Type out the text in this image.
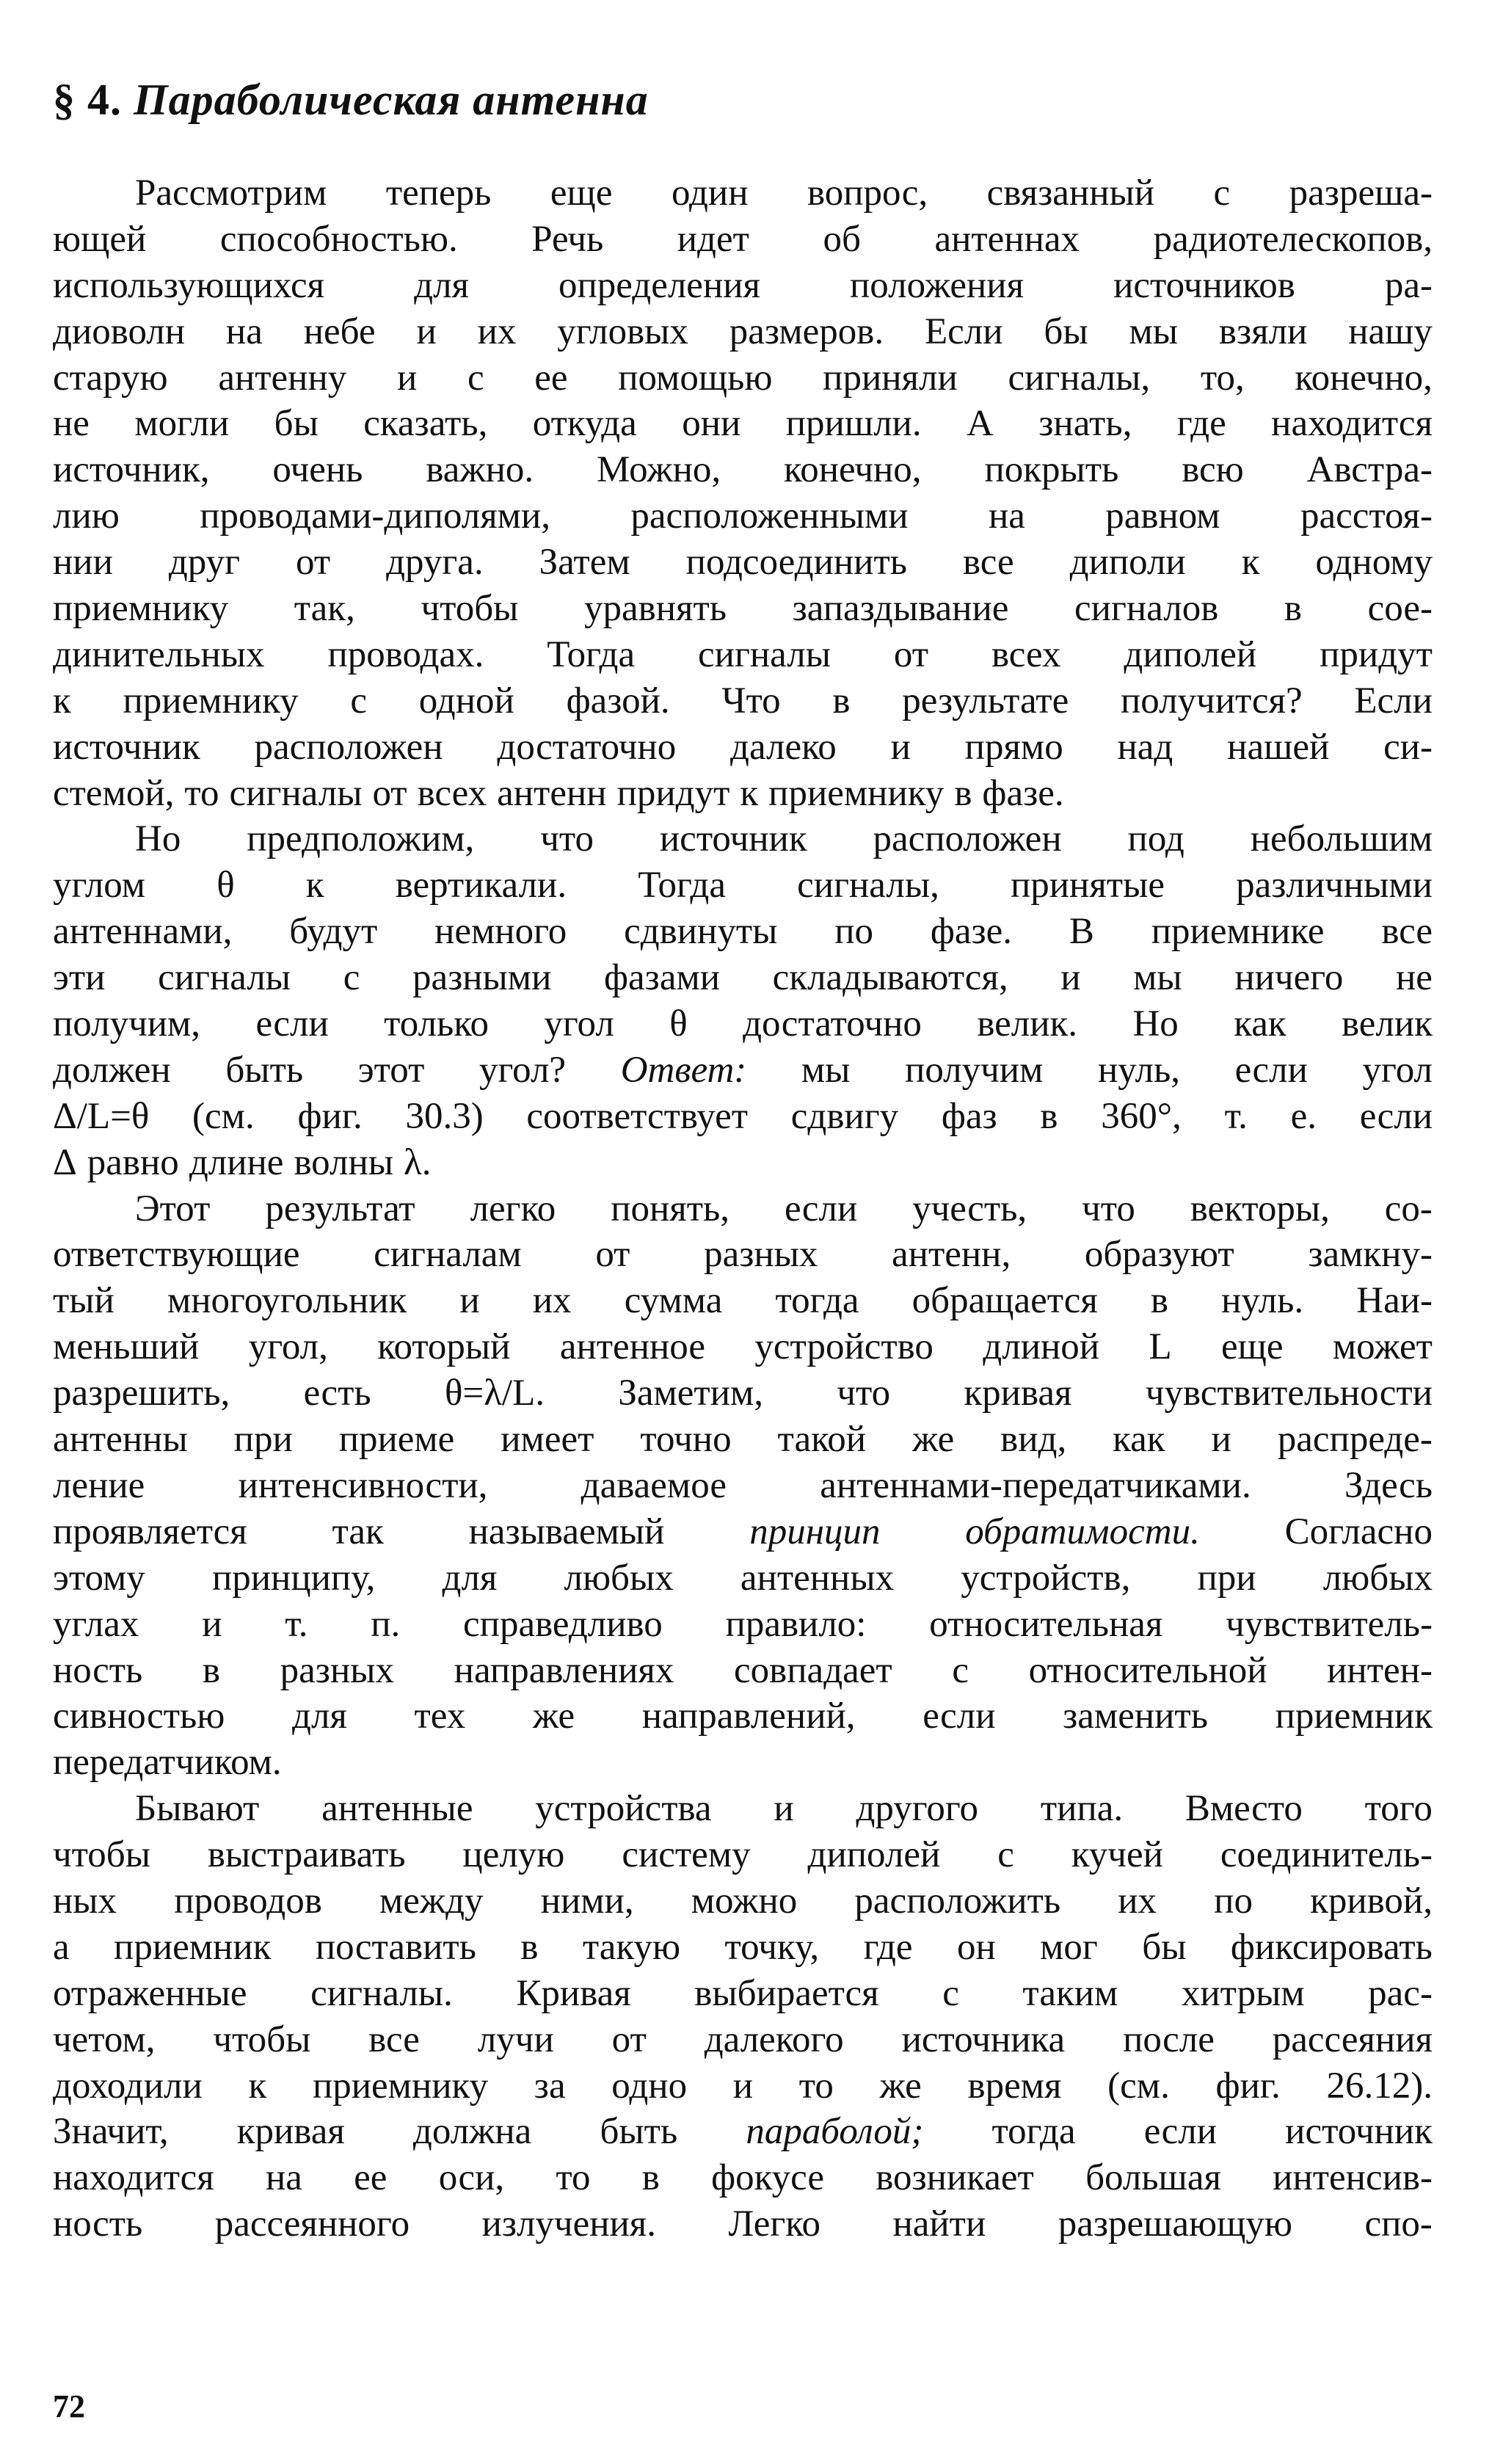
§ 4. Параболическая антенна
Рассмотрим теперь еще один вопрос, связанный с разреша-
ющей способностью. Речь идет об антеннах радиотелескопов,
использующихся для определения положения источников ра-
диоволн на небе и их угловых размеров. Если бы мы взяли нашу
старую антенну и с ее помощью приняли сигналы, то, конечно,
не могли бы сказать, откуда они пришли. А знать, где находится
источник, очень важно. Можно, конечно, покрыть всю Австра-
лию проводами-диполями, расположенными на равном расстоя-
нии друг от друга. Затем подсоединить все диполи к одному
приемнику так, чтобы уравнять запаздывание сигналов в сое-
динительных проводах. Тогда сигналы от всех диполей придут
к приемнику с одной фазой. Что в результате получится? Если
источник расположен достаточно далеко и прямо над нашей си-
стемой, то сигналы от всех антенн придут к приемнику в фазе.
Но предположим, что источник расположен под небольшим
углом θ к вертикали. Тогда сигналы, принятые различными
антеннами, будут немного сдвинуты по фазе. В приемнике все
эти сигналы с разными фазами складываются, и мы ничего не
получим, если только угол θ достаточно велик. Но как велик
должен быть этот угол? Ответ: мы получим нуль, если угол
Δ/L=θ (см. фиг. 30.3) соответствует сдвигу фаз в 360°, т. е. если
Δ равно длине волны λ.
Этот результат легко понять, если учесть, что векторы, со-
ответствующие сигналам от разных антенн, образуют замкну-
тый многоугольник и их сумма тогда обращается в нуль. Наи-
меньший угол, который антенное устройство длиной L еще может
разрешить, есть θ=λ/L. Заметим, что кривая чувствительности
антенны при приеме имеет точно такой же вид, как и распреде-
ление интенсивности, даваемое антеннами-передатчиками. Здесь
проявляется так называемый принцип обратимости. Согласно
этому принципу, для любых антенных устройств, при любых
углах и т. п. справедливо правило: относительная чувствитель-
ность в разных направлениях совпадает с относительной интен-
сивностью для тех же направлений, если заменить приемник
передатчиком.
Бывают антенные устройства и другого типа. Вместо того
чтобы выстраивать целую систему диполей с кучей соединитель-
ных проводов между ними, можно расположить их по кривой,
а приемник поставить в такую точку, где он мог бы фиксировать
отраженные сигналы. Кривая выбирается с таким хитрым рас-
четом, чтобы все лучи от далекого источника после рассеяния
доходили к приемнику за одно и то же время (см. фиг. 26.12).
Значит, кривая должна быть параболой; тогда если источник
находится на ее оси, то в фокусе возникает большая интенсив-
ность рассеянного излучения. Легко найти разрешающую спо-
72
